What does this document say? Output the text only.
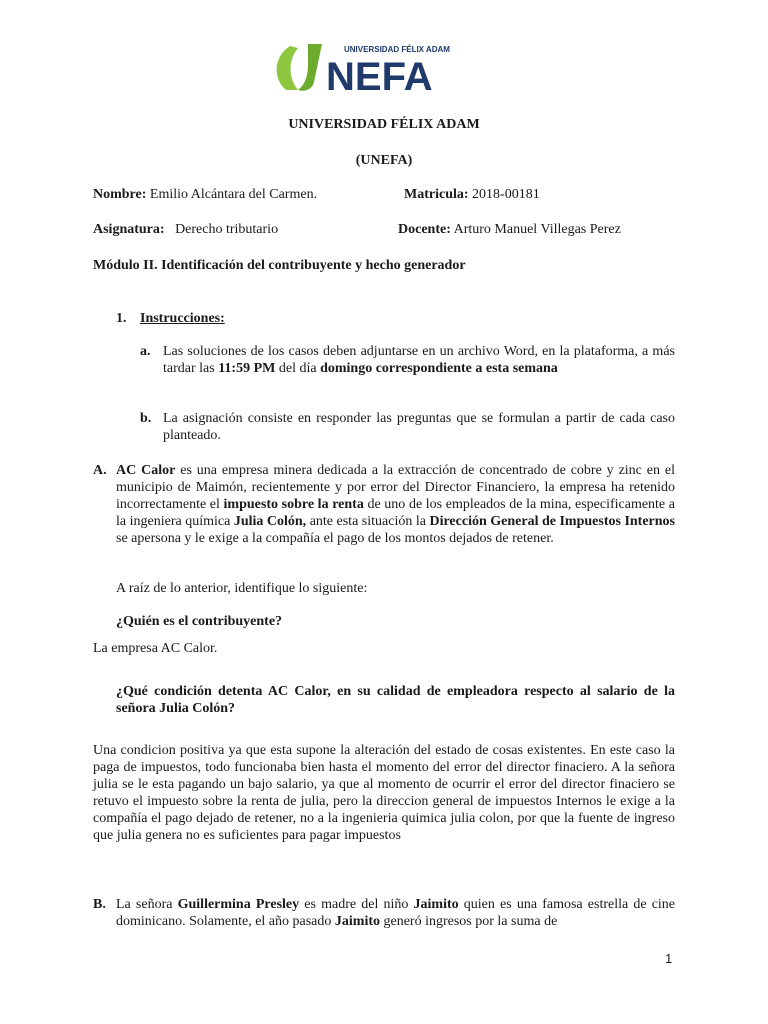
UNIVERSIDAD FÉLIX ADAM
NEFA
UNIVERSIDAD FÉLIX ADAM
(UNEFA)
Nombre: Emilio Alcántara del Carmen.	Matricula: 2018-00181
Asignatura: Derecho tributario	Docente: Arturo Manuel Villegas Perez
Módulo II. Identificación del contribuyente y hecho generador
1. Instrucciones:
a. Las soluciones de los casos deben adjuntarse en un archivo Word, en la plataforma, a más tardar las 11:59 PM del día domingo correspondiente a esta semana
b. La asignación consiste en responder las preguntas que se formulan a partir de cada caso planteado.
A. AC Calor es una empresa minera dedicada a la extracción de concentrado de cobre y zinc en el municipio de Maimón, recientemente y por error del Director Financiero, la empresa ha retenido incorrectamente el impuesto sobre la renta de uno de los empleados de la mina, especificamente a la ingeniera química Julia Colón, ante esta situación la Dirección General de Impuestos Internos se apersona y le exige a la compañía el pago de los montos dejados de retener.
A raíz de lo anterior, identifique lo siguiente:
¿Quién es el contribuyente?
La empresa AC Calor.
¿Qué condición detenta AC Calor, en su calidad de empleadora respecto al salario de la señora Julia Colón?
Una condicion positiva ya que esta supone la alteración del estado de cosas existentes. En este caso la paga de impuestos, todo funcionaba bien hasta el momento del error del director finaciero. A la señora julia se le esta pagando un bajo salario, ya que al momento de ocurrir el error del director finaciero se retuvo el impuesto sobre la renta de julia, pero la direccion general de impuestos Internos le exige a la compañía el pago dejado de retener, no a la ingenieria quimica julia colon, por que la fuente de ingreso que julia genera no es suficientes para pagar impuestos
B. La señora Guillermina Presley es madre del niño Jaimito quien es una famosa estrella de cine dominicano. Solamente, el año pasado Jaimito generó ingresos por la suma de
1
